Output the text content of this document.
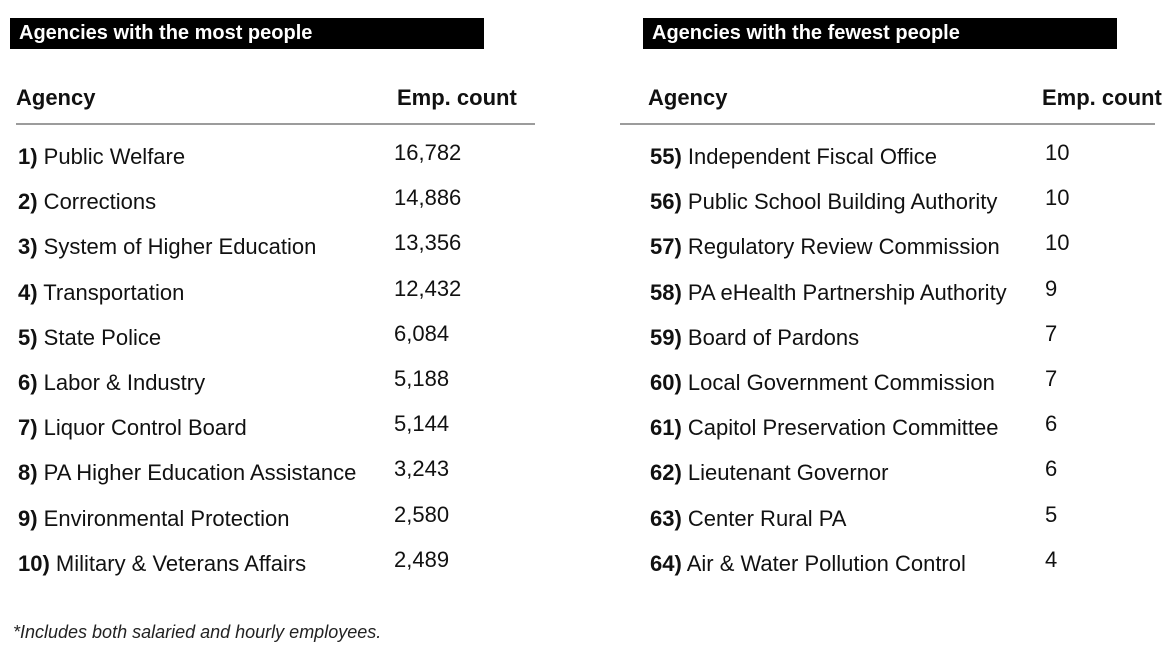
Agencies with the most people
Agency	Emp. count
1) Public Welfare	16,782
2) Corrections	14,886
3) System of Higher Education	13,356
4) Transportation	12,432
5) State Police	6,084
6) Labor & Industry	5,188
7) Liquor Control Board	5,144
8) PA Higher Education Assistance 3,243
9) Environmental Protection	2,580
10) Military & Veterans Affairs	2,489
Agencies with the fewest people
Agency	Emp. count
55) Independent Fiscal Office	10
56) Public School Building Authority 10
57) Regulatory Review Commission 10
58) PA eHealth Partnership Authority 9
59) Board of Pardons	7
60) Local Government Commission 7
61) Capitol Preservation Committee 6
62) Lieutenant Governor	6
63) Center Rural PA	5
64) Air & Water Pollution Control	4
*Includes both salaried and hourly employees.
